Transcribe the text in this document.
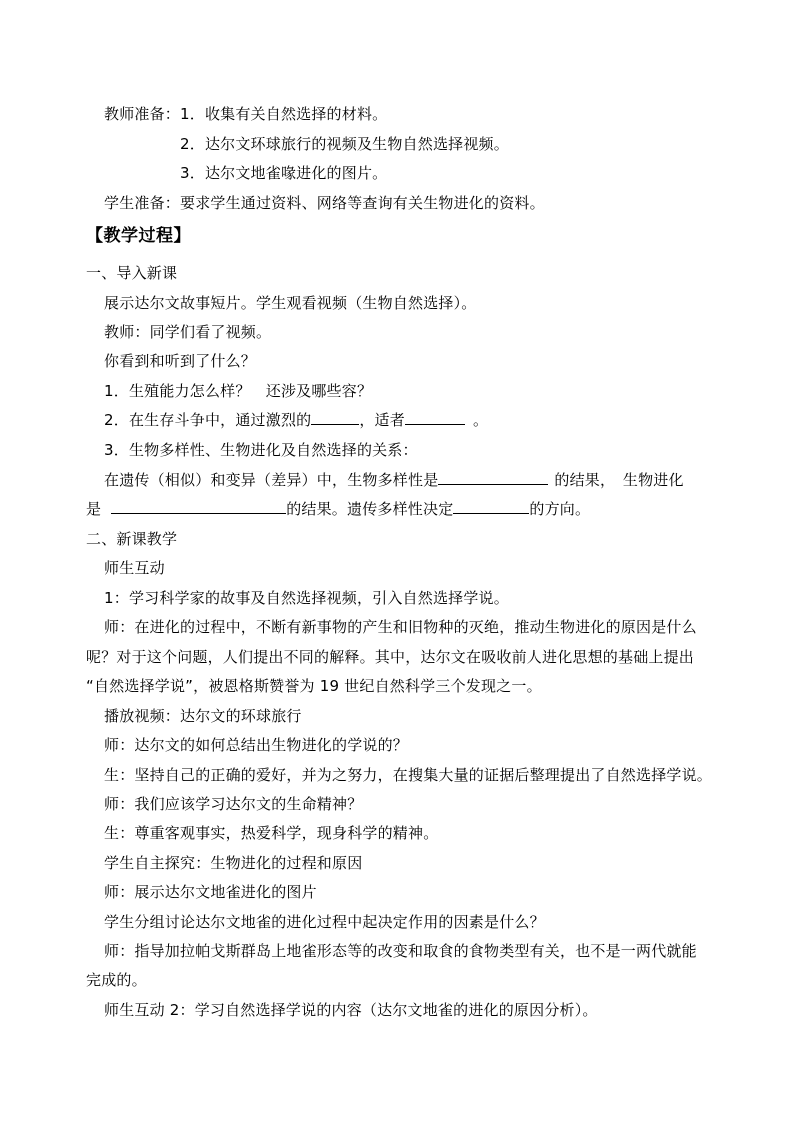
教师准备：1．收集有关自然选择的材料。
2．达尔文环球旅行的视频及生物自然选择视频。
3．达尔文地雀喙进化的图片。
学生准备：要求学生通过资料、网络等查询有关生物进化的资料。
【教学过程】
一、导入新课
展示达尔文故事短片。学生观看视频（生物自然选择）。
教师：同学们看了视频。
你看到和听到了什么？
1．生殖能力怎么样？　还涉及哪些容？
2．在生存斗争中，通过激烈的	，适者	。
3．生物多样性、生物进化及自然选择的关系：
在遗传（相似）和变异（差异）中，生物多样性是	的结果，　生物进化
是	的结果。遗传多样性决定	的方向。
二、新课教学
师生互动
1：学习科学家的故事及自然选择视频，引入自然选择学说。
师：在进化的过程中，不断有新事物的产生和旧物种的灭绝，推动生物进化的原因是什么
呢？对于这个问题，人们提出不同的解释。其中，达尔文在吸收前人进化思想的基础上提出
“自然选择学说”，被恩格斯赞誉为 19 世纪自然科学三个发现之一。
播放视频：达尔文的环球旅行
师：达尔文的如何总结出生物进化的学说的？
生：坚持自己的正确的爱好，并为之努力，在搜集大量的证据后整理提出了自然选择学说。
师：我们应该学习达尔文的生命精神？
生：尊重客观事实，热爱科学，现身科学的精神。
学生自主探究：生物进化的过程和原因
师：展示达尔文地雀进化的图片
学生分组讨论达尔文地雀的进化过程中起决定作用的因素是什么？
师：指导加拉帕戈斯群岛上地雀形态等的改变和取食的食物类型有关，也不是一两代就能
完成的。
师生互动 2：学习自然选择学说的内容（达尔文地雀的进化的原因分析）。
